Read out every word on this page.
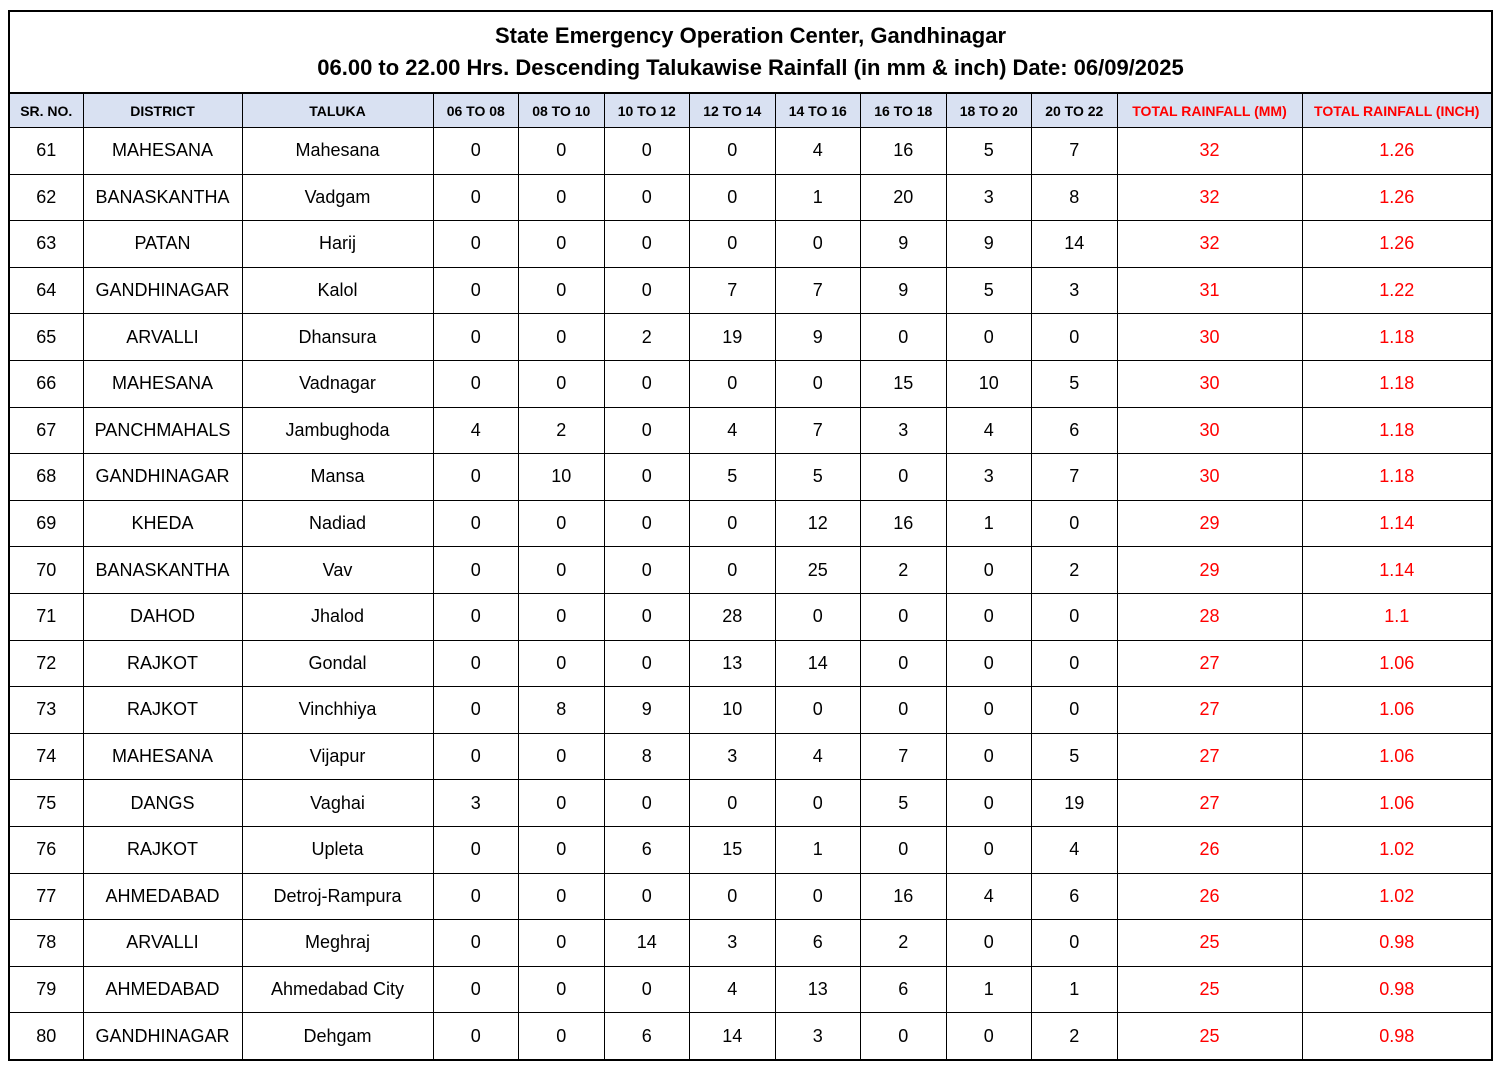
State Emergency Operation Center, Gandhinagar
06.00 to 22.00 Hrs. Descending Talukawise Rainfall (in mm & inch) Date: 06/09/2025
SR. NO.	DISTRICT	TALUKA	06 TO 08	08 TO 10	10 TO 12	12 TO 14	14 TO 16	16 TO 18	18 TO 20	20 TO 22	TOTAL RAINFALL (MM)	TOTAL RAINFALL (INCH)
61	MAHESANA	Mahesana	0	0	0	0	4	16	5	7	32	1.26
62	BANASKANTHA	Vadgam	0	0	0	0	1	20	3	8	32	1.26
63	PATAN	Harij	0	0	0	0	0	9	9	14	32	1.26
64	GANDHINAGAR	Kalol	0	0	0	7	7	9	5	3	31	1.22
65	ARVALLI	Dhansura	0	0	2	19	9	0	0	0	30	1.18
66	MAHESANA	Vadnagar	0	0	0	0	0	15	10	5	30	1.18
67	PANCHMAHALS	Jambughoda	4	2	0	4	7	3	4	6	30	1.18
68	GANDHINAGAR	Mansa	0	10	0	5	5	0	3	7	30	1.18
69	KHEDA	Nadiad	0	0	0	0	12	16	1	0	29	1.14
70	BANASKANTHA	Vav	0	0	0	0	25	2	0	2	29	1.14
71	DAHOD	Jhalod	0	0	0	28	0	0	0	0	28	1.1
72	RAJKOT	Gondal	0	0	0	13	14	0	0	0	27	1.06
73	RAJKOT	Vinchhiya	0	8	9	10	0	0	0	0	27	1.06
74	MAHESANA	Vijapur	0	0	8	3	4	7	0	5	27	1.06
75	DANGS	Vaghai	3	0	0	0	0	5	0	19	27	1.06
76	RAJKOT	Upleta	0	0	6	15	1	0	0	4	26	1.02
77	AHMEDABAD	Detroj-Rampura	0	0	0	0	0	16	4	6	26	1.02
78	ARVALLI	Meghraj	0	0	14	3	6	2	0	0	25	0.98
79	AHMEDABAD	Ahmedabad City	0	0	0	4	13	6	1	1	25	0.98
80	GANDHINAGAR	Dehgam	0	0	6	14	3	0	0	2	25	0.98
